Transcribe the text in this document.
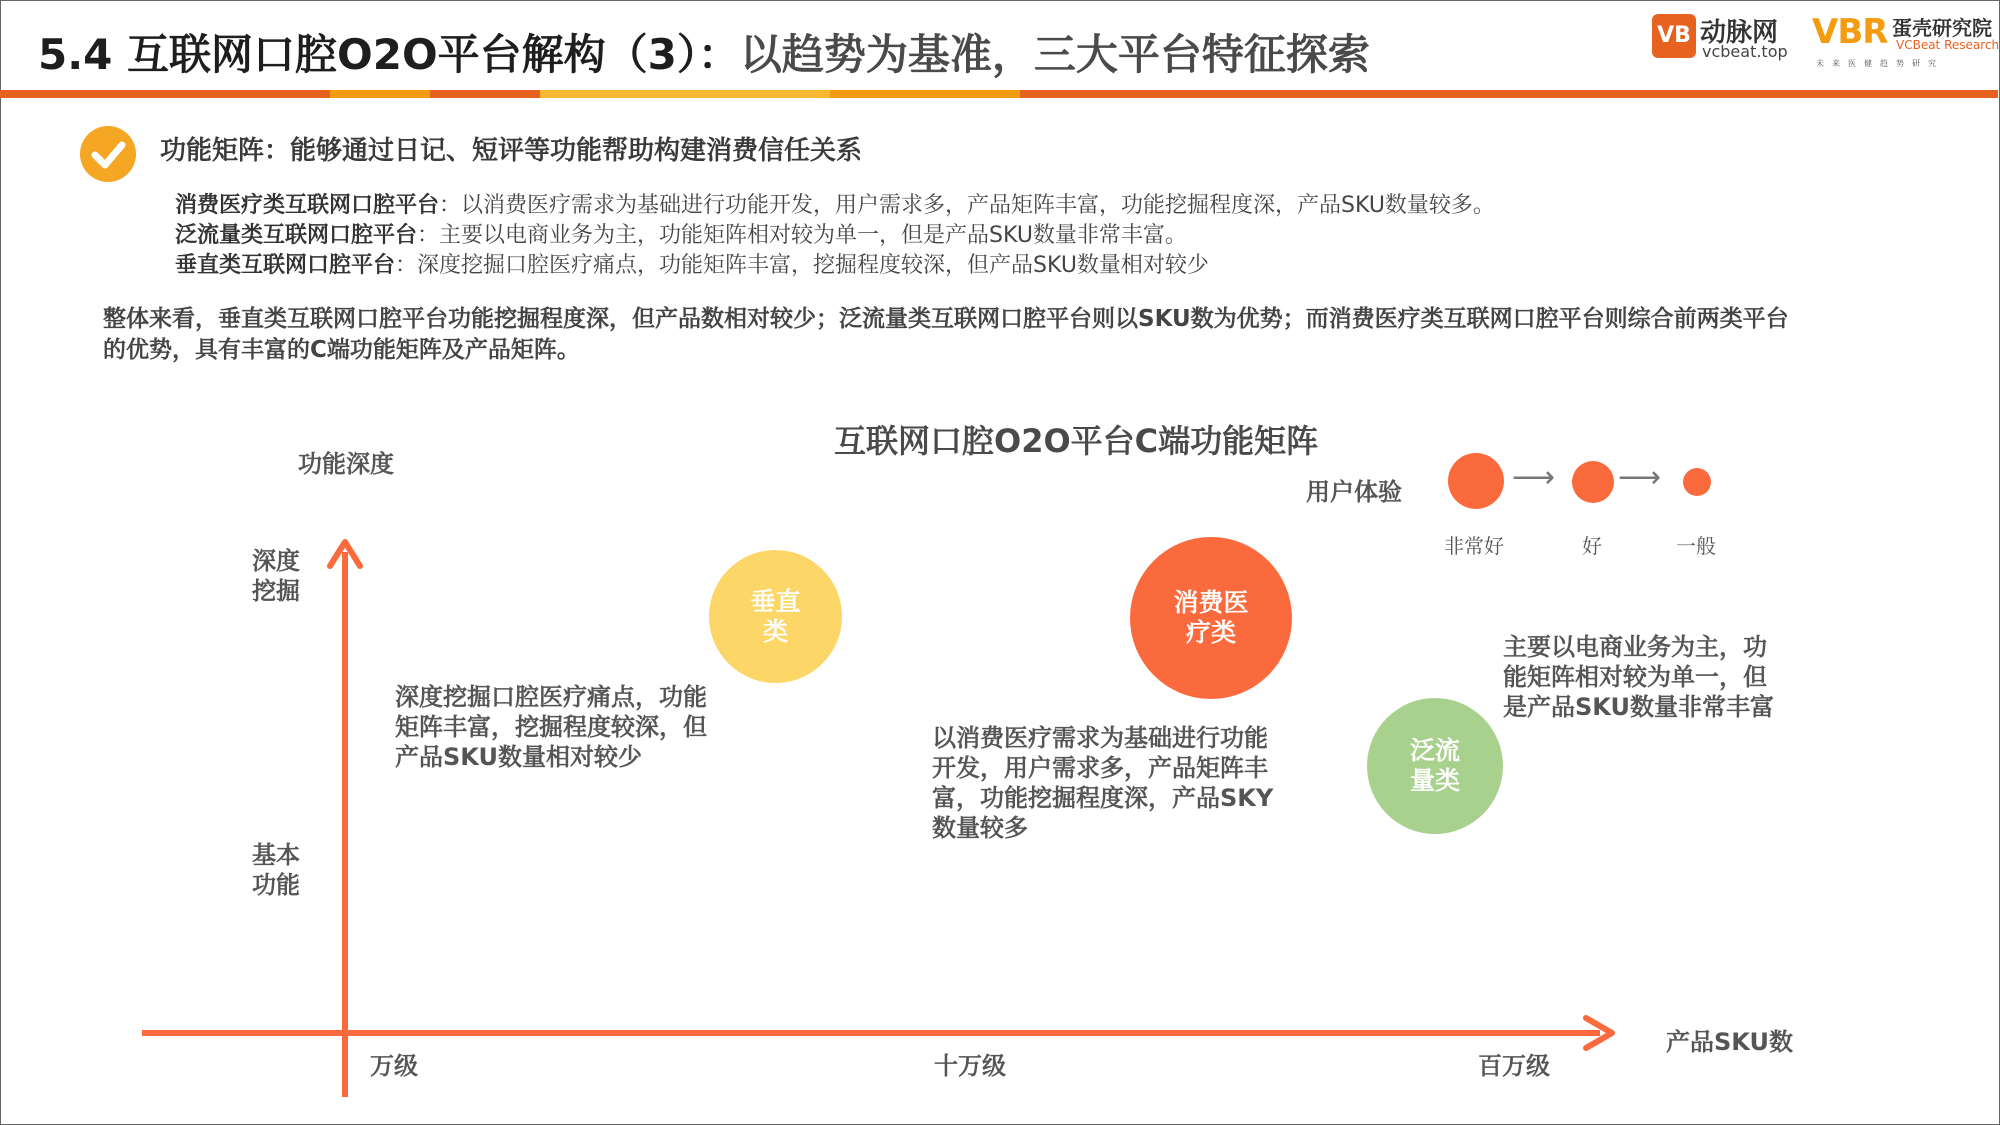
5.4 互联网口腔O2O平台解构（3）：以趋势为基准，三大平台特征探索	VB 动脉网
vcbeat.top VBR 蛋壳研究院
VCBeat Research
未来医健趋势研究
功能矩阵：能够通过日记、短评等功能帮助构建消费信任关系
消费医疗类互联网口腔平台：以消费医疗需求为基础进行功能开发，用户需求多，产品矩阵丰富，功能挖掘程度深，产品SKU数量较多。
泛流量类互联网口腔平台：主要以电商业务为主，功能矩阵相对较为单一，但是产品SKU数量非常丰富。
垂直类互联网口腔平台：深度挖掘口腔医疗痛点，功能矩阵丰富，挖掘程度较深，但产品SKU数量相对较少
整体来看，垂直类互联网口腔平台功能挖掘程度深，但产品数相对较少；泛流量类互联网口腔平台则以SKU数为优势；而消费医疗类互联网口腔平台则综合前两类平台的优势，具有丰富的C端功能矩阵及产品矩阵。
互联网口腔O2O平台C端功能矩阵
功能深度
深度
挖掘
基本
功能
万级	十万级	百万级
产品SKU数
用户体验	⟶ ⟶
非常好	好	一般
垂直
类
消费医
疗类
泛流
量类
深度挖掘口腔医疗痛点，功能
矩阵丰富，挖掘程度较深，但
产品SKU数量相对较少
以消费医疗需求为基础进行功能
开发，用户需求多，产品矩阵丰
富，功能挖掘程度深，产品SKY
数量较多
主要以电商业务为主，功
能矩阵相对较为单一，但
是产品SKU数量非常丰富
